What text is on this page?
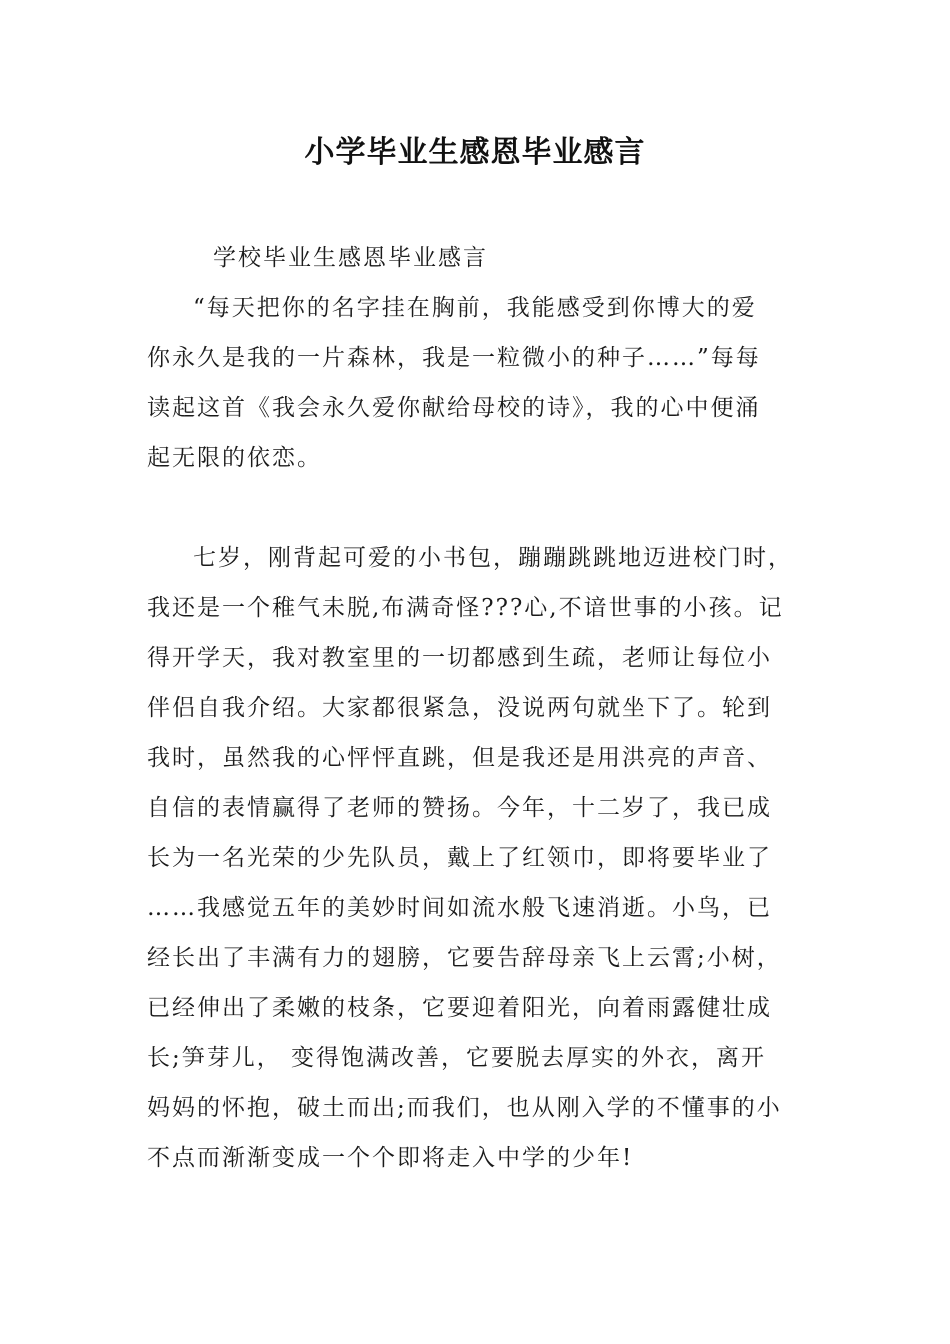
小学毕业生感恩毕业感言

学校毕业生感恩毕业感言

“每天把你的名字挂在胸前，我能感受到你博大的爱

你永久是我的一片森林，我是一粒微小的种子……”每每

读起这首《我会永久爱你献给母校的诗》，我的心中便涌

起无限的依恋。

七岁，刚背起可爱的小书包，蹦蹦跳跳地迈进校门时，

我还是一个稚气未脱,布满奇怪???心,不谙世事的小孩。记

得开学天，我对教室里的一切都感到生疏，老师让每位小

伴侣自我介绍。大家都很紧急，没说两句就坐下了。轮到

我时，虽然我的心怦怦直跳，但是我还是用洪亮的声音、

自信的表情赢得了老师的赞扬。今年，十二岁了，我已成

长为一名光荣的少先队员，戴上了红领巾，即将要毕业了

……我感觉五年的美妙时间如流水般飞速消逝。小鸟，已

经长出了丰满有力的翅膀，它要告辞母亲飞上云霄;小树，

已经伸出了柔嫩的枝条，它要迎着阳光，向着雨露健壮成

长;笋芽儿， 变得饱满改善，它要脱去厚实的外衣，离开

妈妈的怀抱，破土而出;而我们，也从刚入学的不懂事的小

不点而渐渐变成一个个即将走入中学的少年!
